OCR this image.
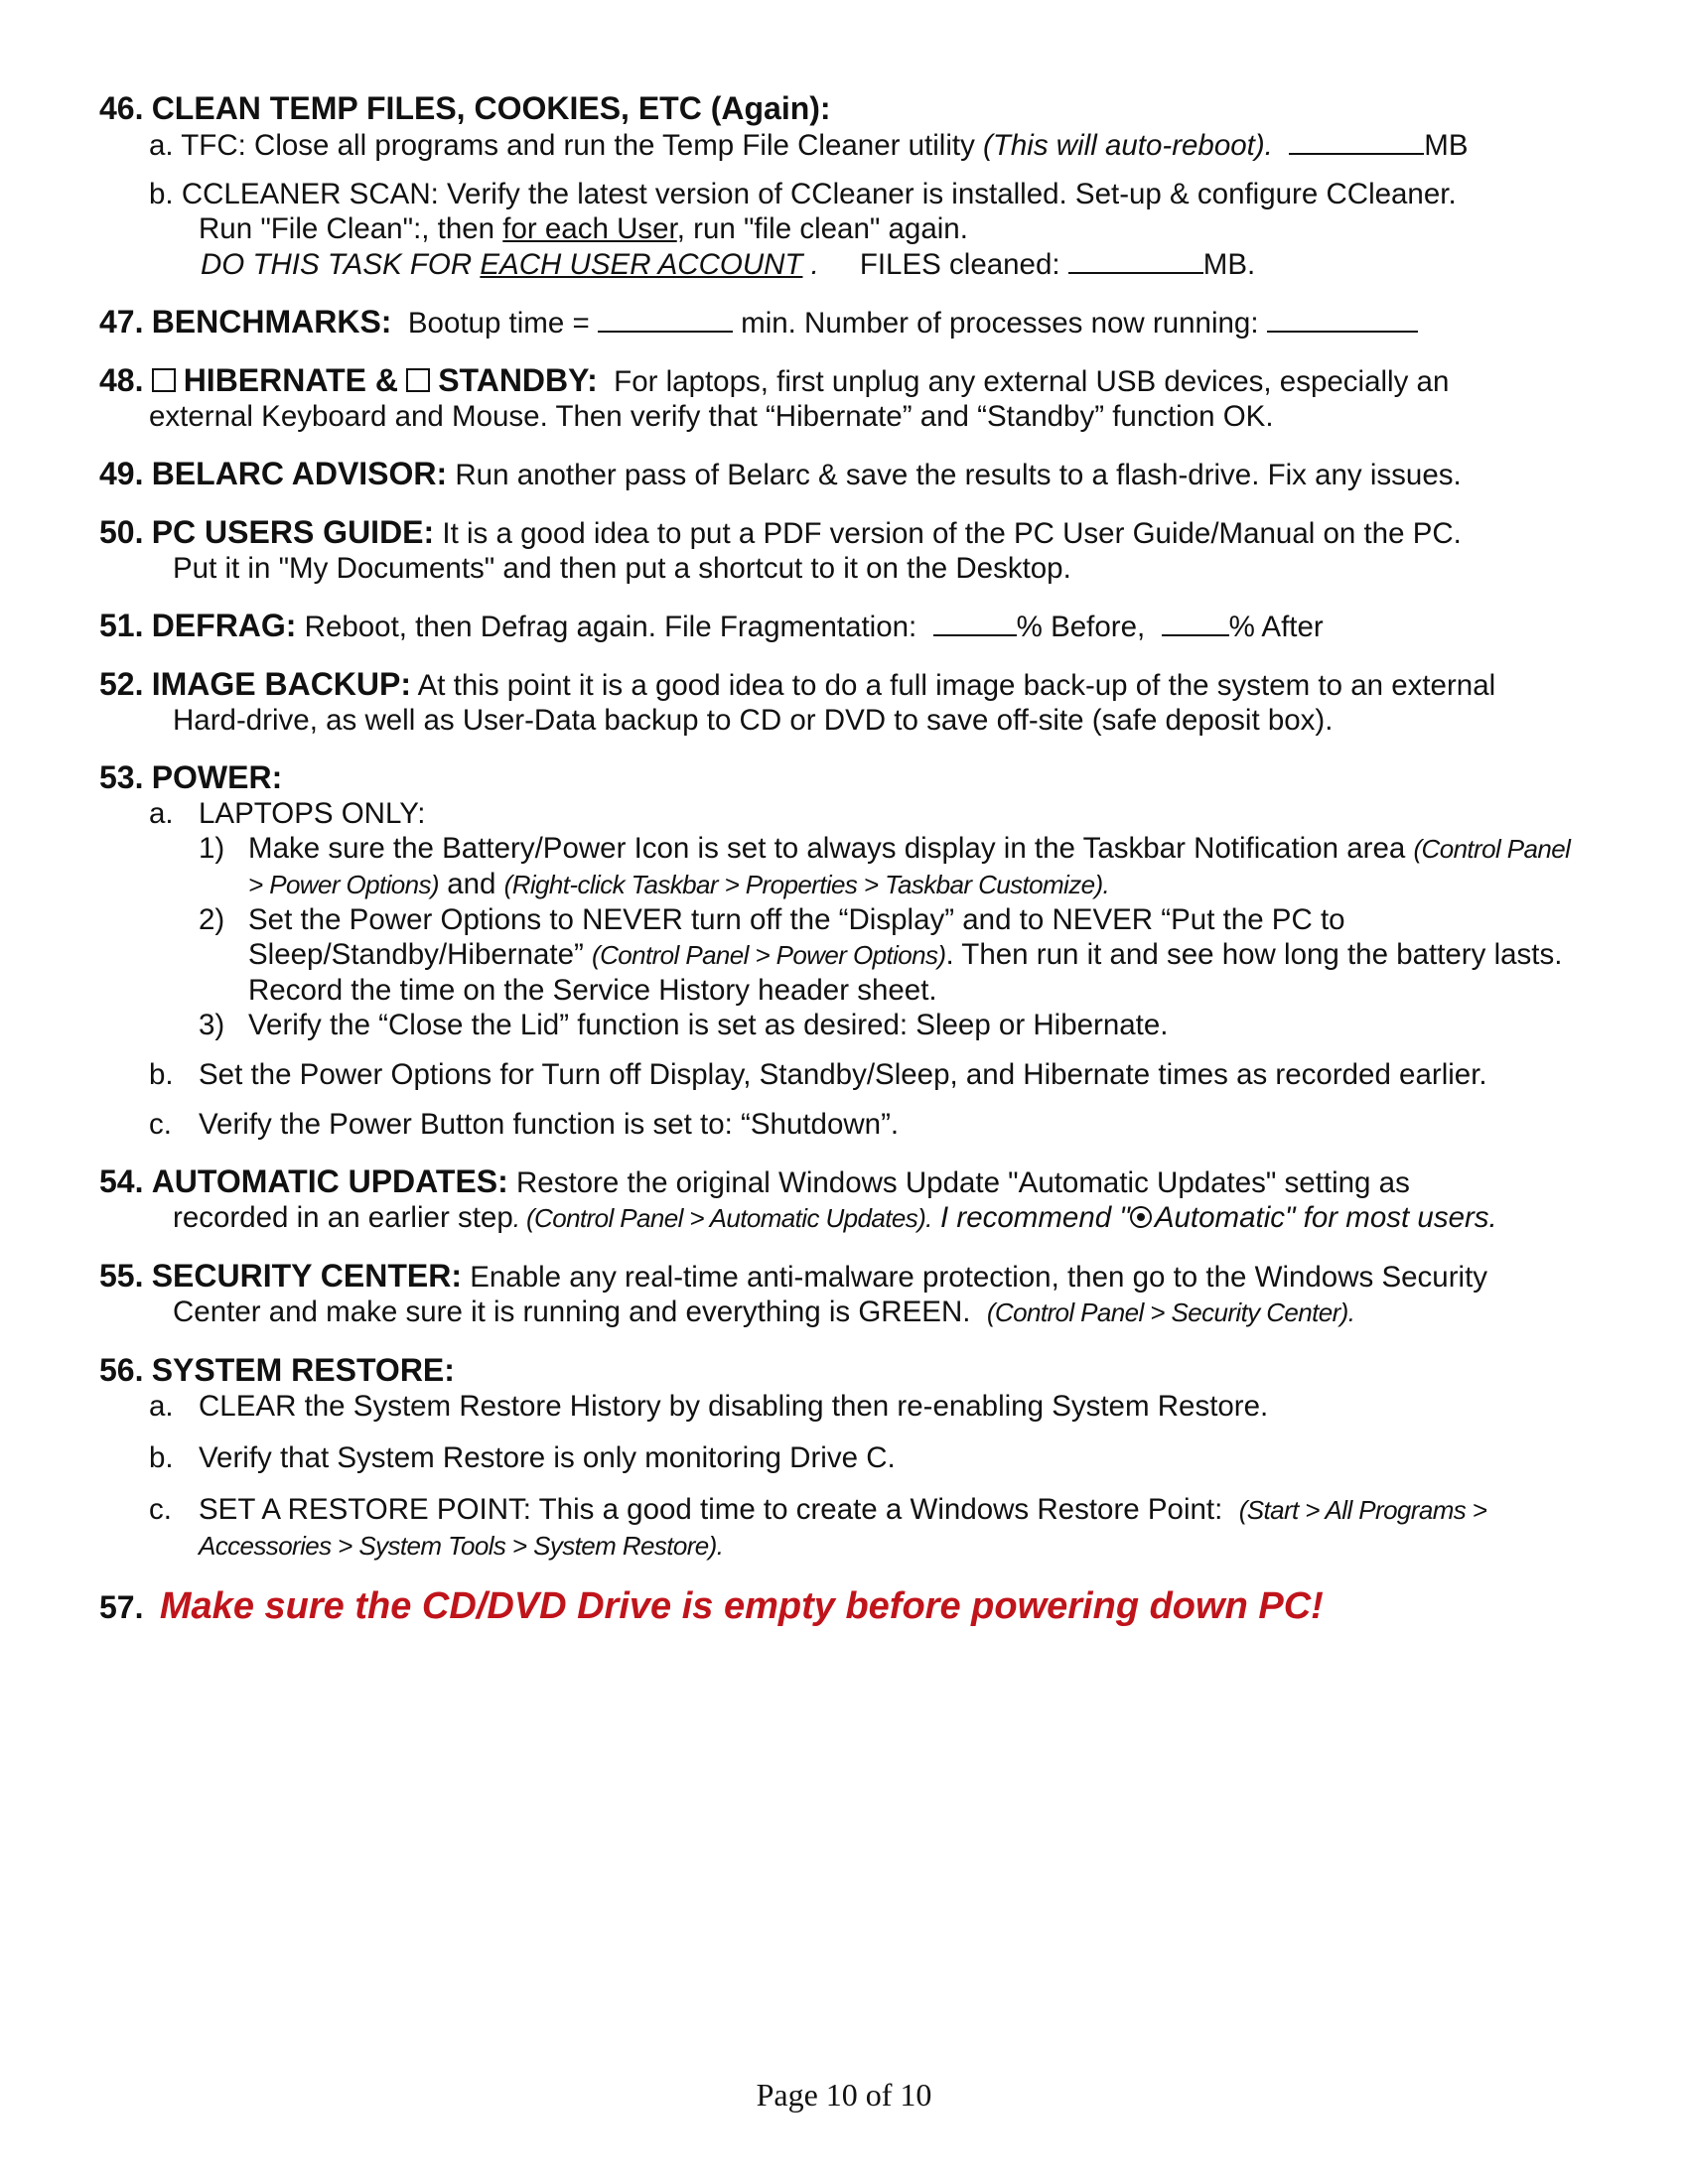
46. CLEAN TEMP FILES, COOKIES, ETC (Again):
a. TFC: Close all programs and run the Temp File Cleaner utility (This will auto-reboot).	MB
b. CCLEANER SCAN: Verify the latest version of CCleaner is installed. Set-up & configure CCleaner.
Run "File Clean":, then for each User, run "file clean" again.
DO THIS TASK FOR EACH USER ACCOUNT . FILES cleaned:	MB.
47. BENCHMARKS: Bootup time =	min. Number of processes now running:
48. HIBERNATE & STANDBY: For laptops, first unplug any external USB devices, especially an
external Keyboard and Mouse. Then verify that “Hibernate” and “Standby” function OK.
49. BELARC ADVISOR: Run another pass of Belarc & save the results to a flash-drive. Fix any issues.
50. PC USERS GUIDE: It is a good idea to put a PDF version of the PC User Guide/Manual on the PC.
Put it in "My Documents" and then put a shortcut to it on the Desktop.
51. DEFRAG: Reboot, then Defrag again. File Fragmentation:	% Before,	% After
52. IMAGE BACKUP: At this point it is a good idea to do a full image back-up of the system to an external
Hard-drive, as well as User-Data backup to CD or DVD to save off-site (safe deposit box).
53. POWER:
a. LAPTOPS ONLY:
1) Make sure the Battery/Power Icon is set to always display in the Taskbar Notification area (Control Panel > Power Options) and (Right-click Taskbar > Properties > Taskbar Customize).
2) Set the Power Options to NEVER turn off the “Display” and to NEVER “Put the PC to Sleep/Standby/Hibernate” (Control Panel > Power Options). Then run it and see how long the battery lasts. Record the time on the Service History header sheet.
3) Verify the “Close the Lid” function is set as desired: Sleep or Hibernate.
b. Set the Power Options for Turn off Display, Standby/Sleep, and Hibernate times as recorded earlier.
c. Verify the Power Button function is set to: “Shutdown”.
54. AUTOMATIC UPDATES: Restore the original Windows Update "Automatic Updates" setting as
recorded in an earlier step. (Control Panel > Automatic Updates). I recommend " Automatic" for most users.
55. SECURITY CENTER: Enable any real-time anti-malware protection, then go to the Windows Security
Center and make sure it is running and everything is GREEN. (Control Panel > Security Center).
56. SYSTEM RESTORE:
a. CLEAR the System Restore History by disabling then re-enabling System Restore.
b. Verify that System Restore is only monitoring Drive C.
c. SET A RESTORE POINT: This a good time to create a Windows Restore Point: (Start > All Programs >
Accessories > System Tools > System Restore).
57. Make sure the CD/DVD Drive is empty before powering down PC!
Page 10 of 10
